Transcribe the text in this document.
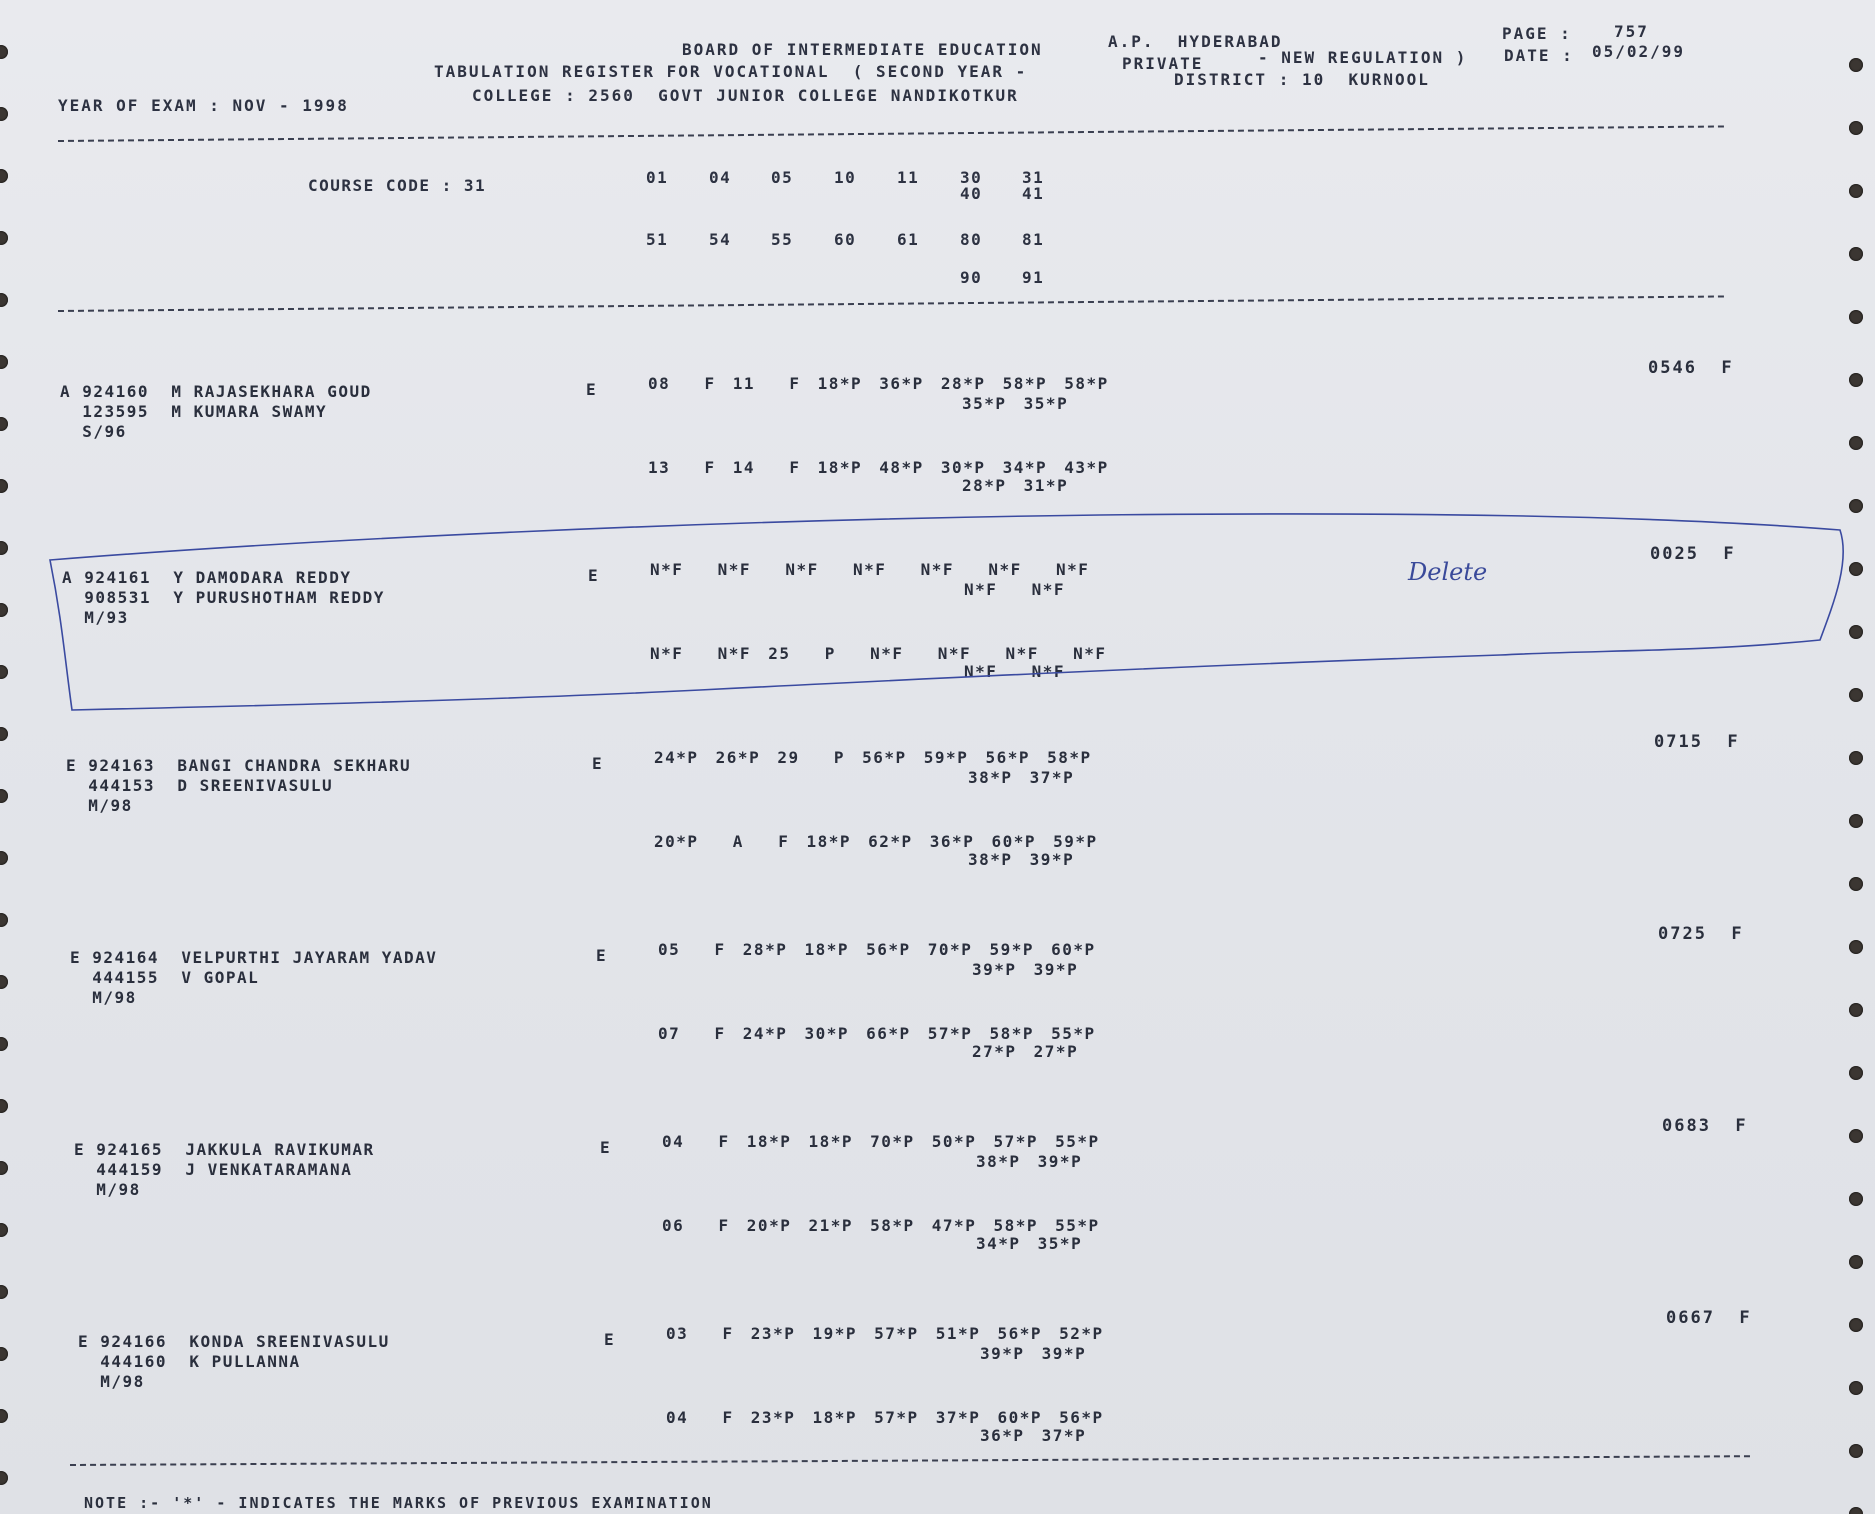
BOARD OF INTERMEDIATE EDUCATION	A.P.  HYDERABAD	PAGE :	757
TABULATION REGISTER FOR VOCATIONAL  ( SECOND YEAR -	PRIVATE	- NEW REGULATION ) DATE : 05/02/99
YEAR OF EXAM : NOV - 1998
COLLEGE : 2560  GOVT JUNIOR COLLEGE NANDIKOTKUR
DISTRICT : 10  KURNOOL
COURSE CODE : 31	01	04 05	10	11	30 31
40 41
51	54 55	60	61	80 81
90 91
A 924160  M RAJASEKHARA GOUD
123595  M KUMARA SWAMY
S/96
E	08  F 11  F 18*P 36*P 28*P 58*P 58*P
35*P 35*P
13  F 14  F 18*P 48*P 30*P 34*P 43*P
28*P 31*P
0546  F
A 924161  Y DAMODARA REDDY
908531  Y PURUSHOTHAM REDDY
M/93
E	N*F  N*F  N*F  N*F  N*F  N*F  N*F
N*F  N*F
N*F  N*F 25  P  N*F  N*F  N*F  N*F
N*F  N*F
0025  F
E 924163  BANGI CHANDRA SEKHARU
444153  D SREENIVASULU
M/98
E	24*P 26*P 29  P 56*P 59*P 56*P 58*P
38*P 37*P
20*P  A  F 18*P 62*P 36*P 60*P 59*P
38*P 39*P
0715  F
E 924164  VELPURTHI JAYARAM YADAV
444155  V GOPAL
M/98
E	05  F 28*P 18*P 56*P 70*P 59*P 60*P
39*P 39*P
07  F 24*P 30*P 66*P 57*P 58*P 55*P
27*P 27*P
0725  F
E 924165  JAKKULA RAVIKUMAR
444159  J VENKATARAMANA
M/98
E	04  F 18*P 18*P 70*P 50*P 57*P 55*P
38*P 39*P
06  F 20*P 21*P 58*P 47*P 58*P 55*P
34*P 35*P
0683  F
E 924166  KONDA SREENIVASULU
444160  K PULLANNA
M/98
E	03  F 23*P 19*P 57*P 51*P 56*P 52*P
39*P 39*P
04  F 23*P 18*P 57*P 37*P 60*P 56*P
36*P 37*P
0667  F
NOTE :- '*' - INDICATES THE MARKS OF PREVIOUS EXAMINATION
Delete
